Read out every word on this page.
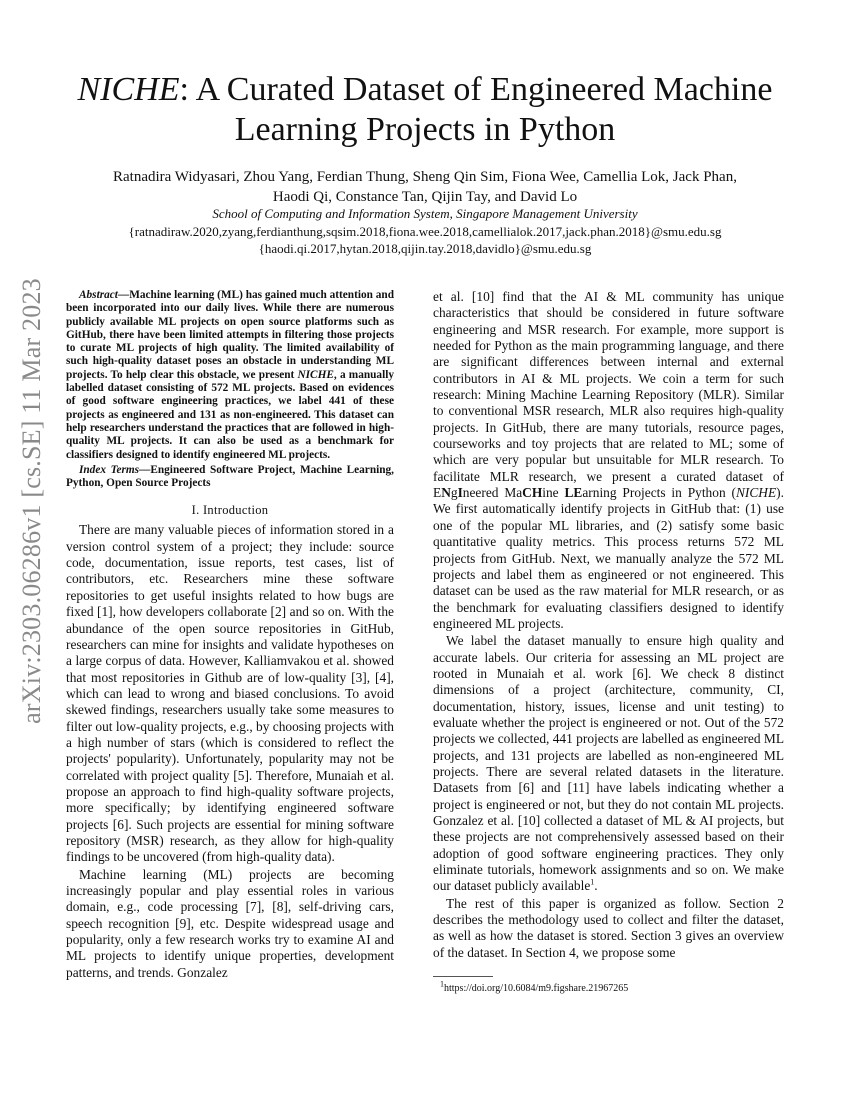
arXiv:2303.06286v1 [cs.SE] 11 Mar 2023
NICHE: A Curated Dataset of Engineered Machine
Learning Projects in Python
Ratnadira Widyasari, Zhou Yang, Ferdian Thung, Sheng Qin Sim, Fiona Wee, Camellia Lok, Jack Phan,
Haodi Qi, Constance Tan, Qijin Tay, and David Lo
School of Computing and Information System, Singapore Management University
{ratnadiraw.2020,zyang,ferdianthung,sqsim.2018,fiona.wee.2018,camellialok.2017,jack.phan.2018}@smu.edu.sg
{haodi.qi.2017,hytan.2018,qijin.tay.2018,davidlo}@smu.edu.sg

Abstract—Machine learning (ML) has gained much attention and been incorporated into our daily lives. While there are numerous publicly available ML projects on open source platforms such as GitHub, there have been limited attempts in filtering those projects to curate ML projects of high quality. The limited availability of such high-quality dataset poses an obstacle in understanding ML projects. To help clear this obstacle, we present NICHE, a manually labelled dataset consisting of 572 ML projects. Based on evidences of good software engineering practices, we label 441 of these projects as engineered and 131 as non-engineered. This dataset can help researchers understand the practices that are followed in high-quality ML projects. It can also be used as a benchmark for classifiers designed to identify engineered ML projects.

Index Terms—Engineered Software Project, Machine Learning, Python, Open Source Projects

I. Introduction

There are many valuable pieces of information stored in a version control system of a project; they include: source code, documentation, issue reports, test cases, list of contributors, etc. Researchers mine these software repositories to get useful insights related to how bugs are fixed [1], how developers collaborate [2] and so on. With the abundance of the open source repositories in GitHub, researchers can mine for insights and validate hypotheses on a large corpus of data. However, Kalliamvakou et al. showed that most repositories in Github are of low-quality [3], [4], which can lead to wrong and biased conclusions. To avoid skewed findings, researchers usually take some measures to filter out low-quality projects, e.g., by choosing projects with a high number of stars (which is considered to reflect the projects' popularity). Unfortunately, popularity may not be correlated with project quality [5]. Therefore, Munaiah et al. propose an approach to find high-quality software projects, more specifically; by identifying engineered software projects [6]. Such projects are essential for mining software repository (MSR) research, as they allow for high-quality findings to be uncovered (from high-quality data).

Machine learning (ML) projects are becoming increasingly popular and play essential roles in various domain, e.g., code processing [7], [8], self-driving cars, speech recognition [9], etc. Despite widespread usage and popularity, only a few research works try to examine AI and ML projects to identify unique properties, development patterns, and trends. Gonzalez

et al. [10] find that the AI & ML community has unique characteristics that should be considered in future software engineering and MSR research. For example, more support is needed for Python as the main programming language, and there are significant differences between internal and external contributors in AI & ML projects. We coin a term for such research: Mining Machine Learning Repository (MLR). Similar to conventional MSR research, MLR also requires high-quality projects. In GitHub, there are many tutorials, resource pages, courseworks and toy projects that are related to ML; some of which are very popular but unsuitable for MLR research. To facilitate MLR research, we present a curated dataset of ENgIneered MaCHine LEarning Projects in Python (NICHE). We first automatically identify projects in GitHub that: (1) use one of the popular ML libraries, and (2) satisfy some basic quantitative quality metrics. This process returns 572 ML projects from GitHub. Next, we manually analyze the 572 ML projects and label them as engineered or not engineered. This dataset can be used as the raw material for MLR research, or as the benchmark for evaluating classifiers designed to identify engineered ML projects.

We label the dataset manually to ensure high quality and accurate labels. Our criteria for assessing an ML project are rooted in Munaiah et al. work [6]. We check 8 distinct dimensions of a project (architecture, community, CI, documentation, history, issues, license and unit testing) to evaluate whether the project is engineered or not. Out of the 572 projects we collected, 441 projects are labelled as engineered ML projects, and 131 projects are labelled as non-engineered ML projects. There are several related datasets in the literature. Datasets from [6] and [11] have labels indicating whether a project is engineered or not, but they do not contain ML projects. Gonzalez et al. [10] collected a dataset of ML & AI projects, but these projects are not comprehensively assessed based on their adoption of good software engineering practices. They only eliminate tutorials, homework assignments and so on. We make our dataset publicly available$^1$.

The rest of this paper is organized as follow. Section 2 describes the methodology used to collect and filter the dataset, as well as how the dataset is stored. Section 3 gives an overview of the dataset. In Section 4, we propose some

$^1$https://doi.org/10.6084/m9.figshare.21967265
